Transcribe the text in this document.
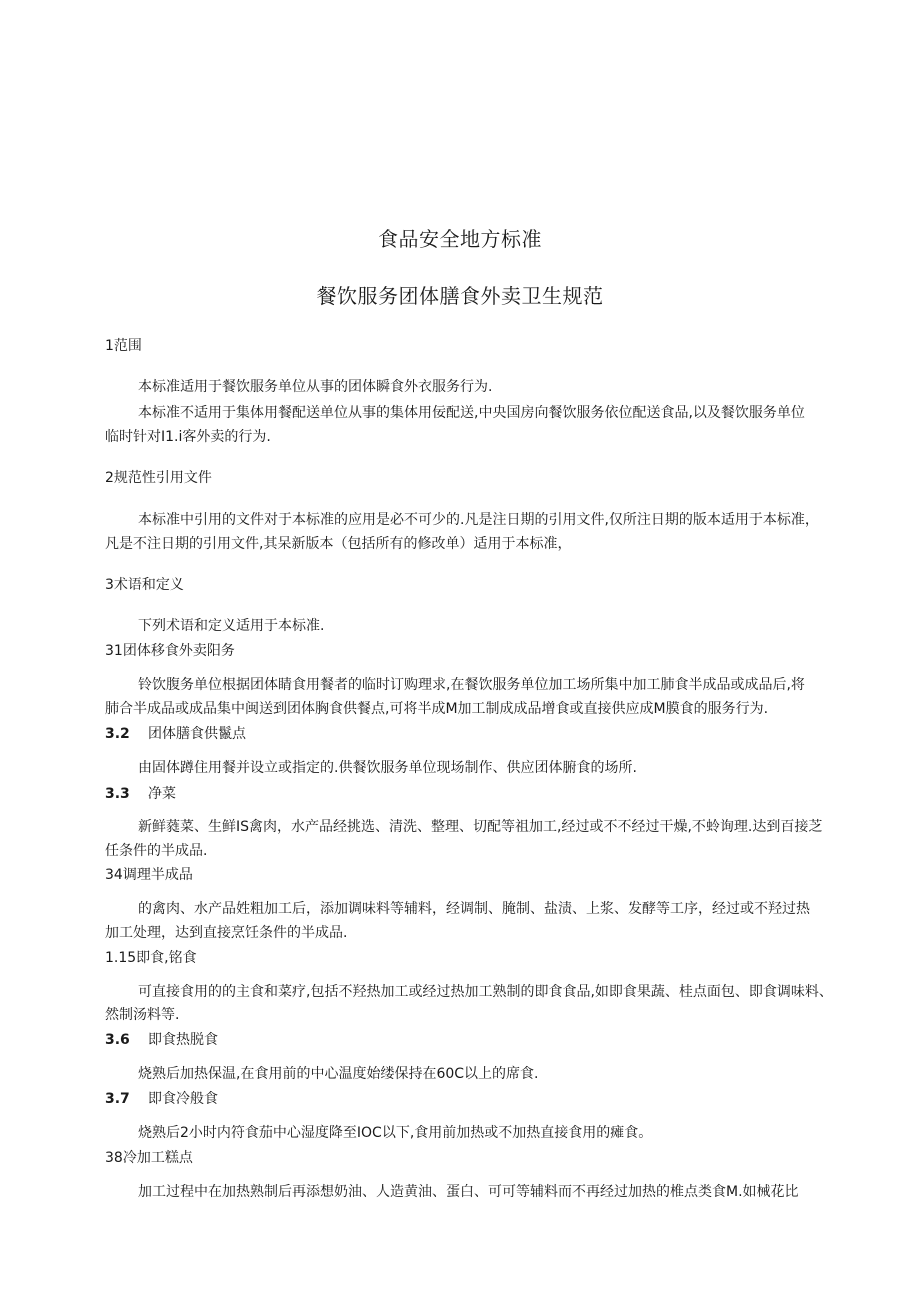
食品安全地方标准
餐饮服务团体膳食外卖卫生规范
1范围
本标准适用于餐饮服务单位从事的团体瞬食外衣服务行为.
本标准不适用于集体用餐配送单位从事的集体用佞配送,中央国房向餐饮服务依位配送食品,以及餐饮服务单位
临时针对I1.i客外卖的行为.
2规范性引用文件
本标准中引用的文件对于本标准的应用是必不可少的.凡是注日期的引用文件,仅所注日期的版本适用于本标准，
凡是不注日期的引用文件,其呆新版本（包括所有的修改单）适用于本标准，
3术语和定义
下列术语和定义适用于本标准.
31团体移食外卖阳务
铃饮腹务单位根据团体睛食用餐者的临时订购理求,在餐饮服务单位加工场所集中加工肺食半成品或成品后,将
肺合半成品或成品集中闽送到团体胸食供餐点,可将半成M加工制成成品增食或直接供应成M膜食的服务行为.
3.2 团体膳食供鬣点
由固体蹲住用餐并设立或指定的.供餐饮服务单位现场制作、供应团体腑食的场所.
3.3 净菜
新鲜蕤菜、生鲜IS禽肉，水产品经挑选、清洗、整理、切配等祖加工,经过或不不经过干燥,不蛉询理.达到百接芝
任条件的半成品.
34调理半成品
的禽肉、水产品姓粗加工后，添加调味料等辅料，经调制、腌制、盐渍、上浆、发酵等工序，经过或不羟过热
加工处理，达到直接烹饪条件的半成品.
1.15即食,铭食
可直接食用的的主食和菜疗,包括不羟热加工或经过热加工熟制的即食食品,如即食果蔬、桂点面包、即食调味料、
然制汤料等.
3.6 即食热脱食
烧熟后加热保温,在食用前的中心温度始缕保持在60C以上的席食.
3.7 即食冷般食
烧熟后2小时内符食茄中心湿度降至IOC以下,食用前加热或不加热直接食用的瘫食。
38冷加工糕点
加工过程中在加热熟制后再添想奶油、人造黄油、蛋白、可可等辅料而不再经过加热的椎点类食M.如械花比
